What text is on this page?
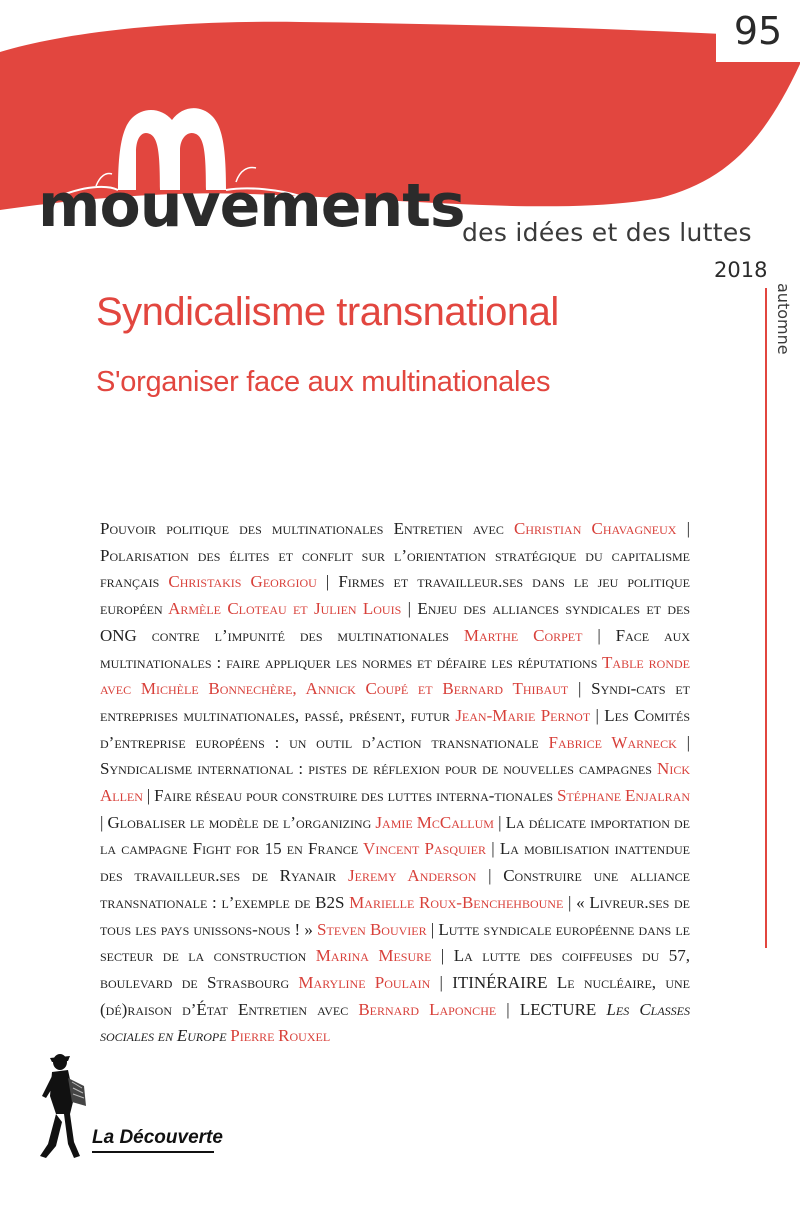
95
mouvements
des idées et des luttes
2018
automne
Syndicalisme transnational
S'organiser face aux multinationales
Pouvoir politique des multinationales Entretien avec Christian Chavagneux | Polarisation des élites et conflit sur l’orientation stratégique du capitalisme français Christakis Georgiou | Firmes et travailleur.ses dans le jeu politique européen Armèle Cloteau et Julien Louis | Enjeu des alliances syndicales et des ONG contre l’impunité des multinationales Marthe Corpet | Face aux multinationales : faire appliquer les normes et défaire les réputations Table ronde avec Michèle Bonnechère, Annick Coupé et Bernard Thibaut | Syndi-cats et entreprises multinationales, passé, présent, futur Jean-Marie Pernot | Les Comités d’entreprise européens : un outil d’action transnationale Fabrice Warneck | Syndicalisme international : pistes de réflexion pour de nouvelles campagnes Nick Allen | Faire réseau pour construire des luttes interna-tionales Stéphane Enjalran | Globaliser le modèle de l’organizing Jamie McCallum | La délicate importation de la campagne Fight for 15 en France Vincent Pasquier | La mobilisation inattendue des travailleur.ses de Ryanair Jeremy Anderson | Construire une alliance transnationale : l’exemple de B2S Marielle Roux-Benchehboune | « Livreur.ses de tous les pays unissons-nous ! » Steven Bouvier | Lutte syndicale européenne dans le secteur de la construction Marina Mesure | La lutte des coiffeuses du 57, boulevard de Strasbourg Maryline Poulain | ITINÉRAIRE Le nucléaire, une (dé)raison d’État Entretien avec Bernard Laponche | LECTURE Les Classes sociales en Europe Pierre Rouxel
La Découverte
